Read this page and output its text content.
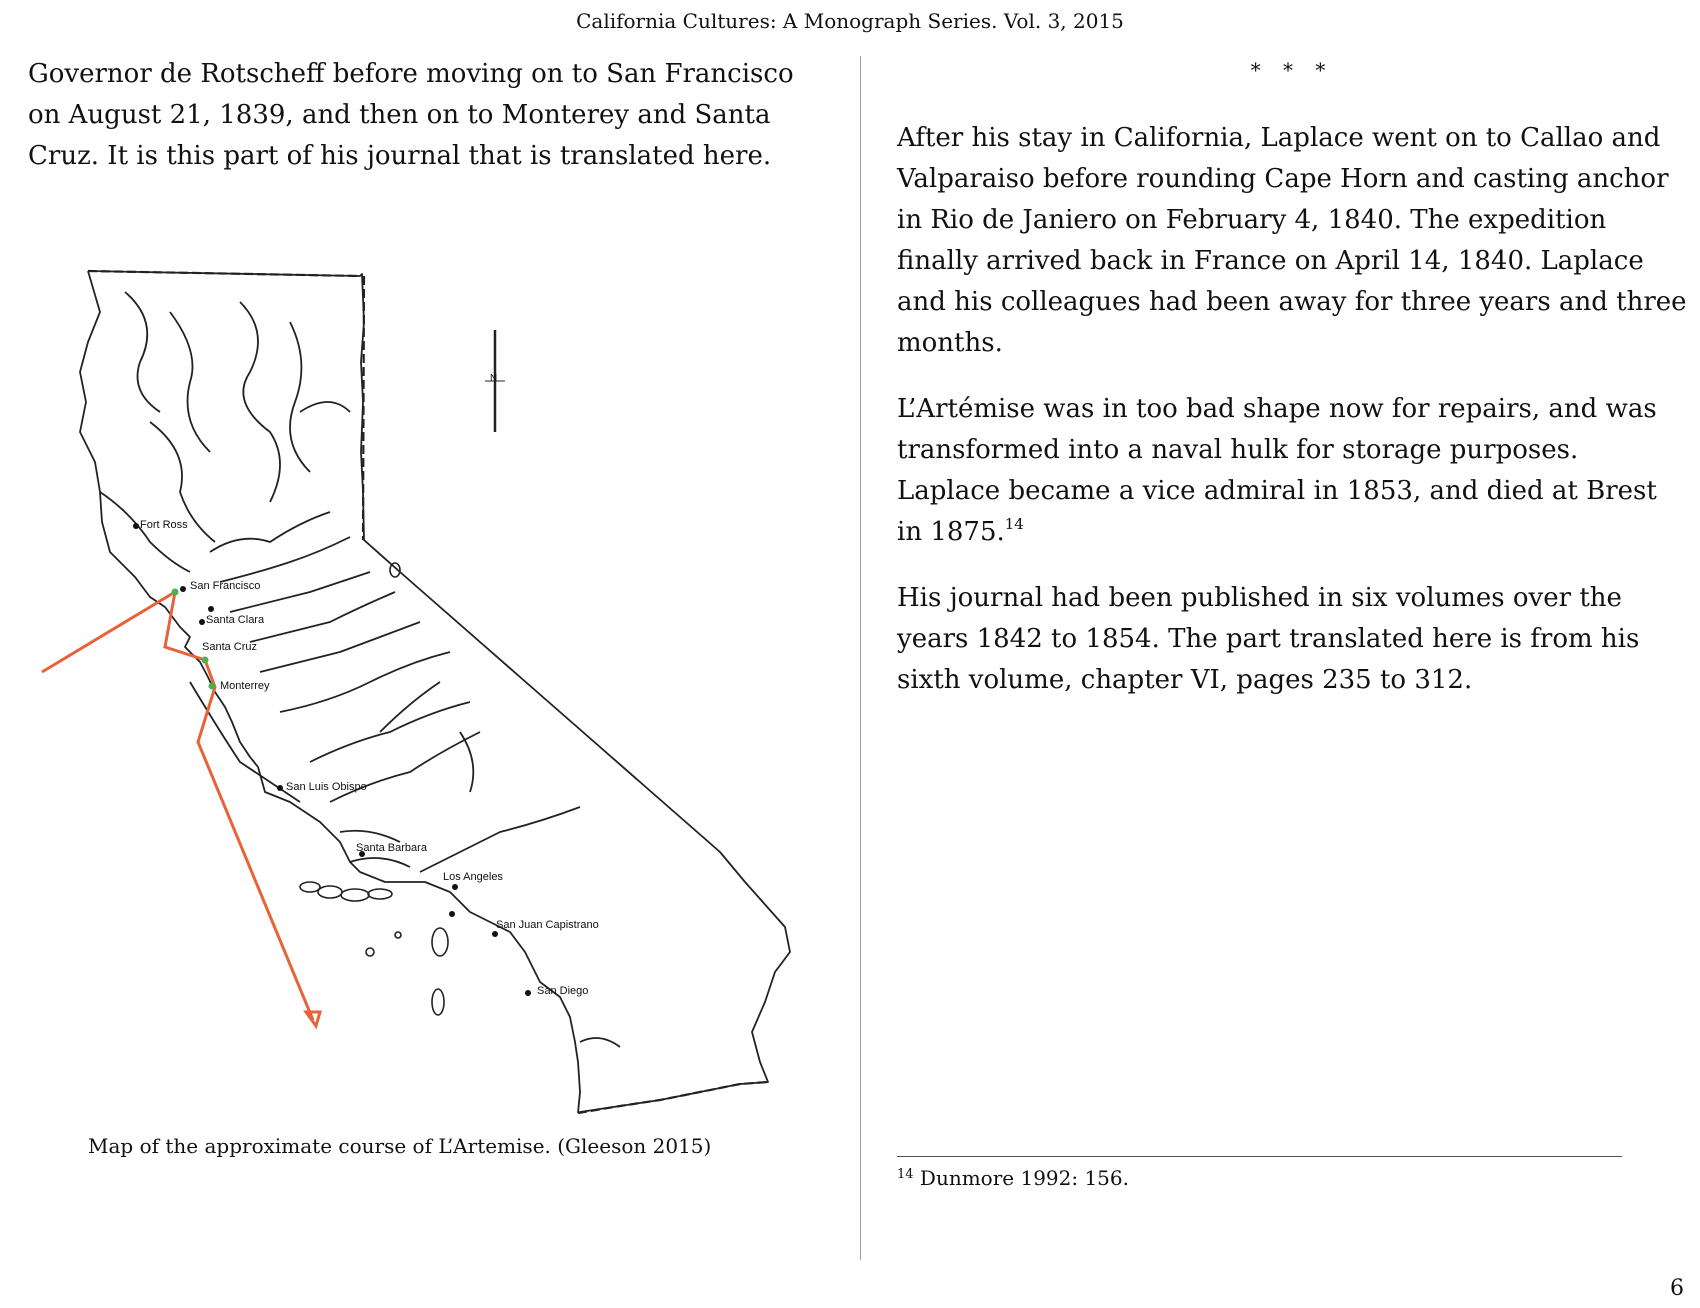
California Cultures: A Monograph Series. Vol. 3, 2015

Governor de Rotscheff before moving on to San Francisco on August 21, 1839, and then on to Monterey and Santa Cruz. It is this part of his journal that is translated here.

N
Fort Ross
San Francisco
Santa Clara
Santa Cruz
Monterrey
San Luis Obispo
Santa Barbara
Los Angeles
San Juan Capistrano
San Diego
Map of the approximate course of L’Artemise. (Gleeson 2015)
* * *

After his stay in California, Laplace went on to Callao and Valparaiso before rounding Cape Horn and casting anchor in Rio de Janiero on February 4, 1840. The expedition finally arrived back in France on April 14, 1840. Laplace and his colleagues had been away for three years and three months.

L’Artémise was in too bad shape now for repairs, and was transformed into a naval hulk for storage purposes. Laplace became a vice admiral in 1853, and died at Brest in 1875.14

His journal had been published in six volumes over the years 1842 to 1854. The part translated here is from his sixth volume, chapter VI, pages 235 to 312.

$^{14}$ Dunmore 1992: 156.
6
